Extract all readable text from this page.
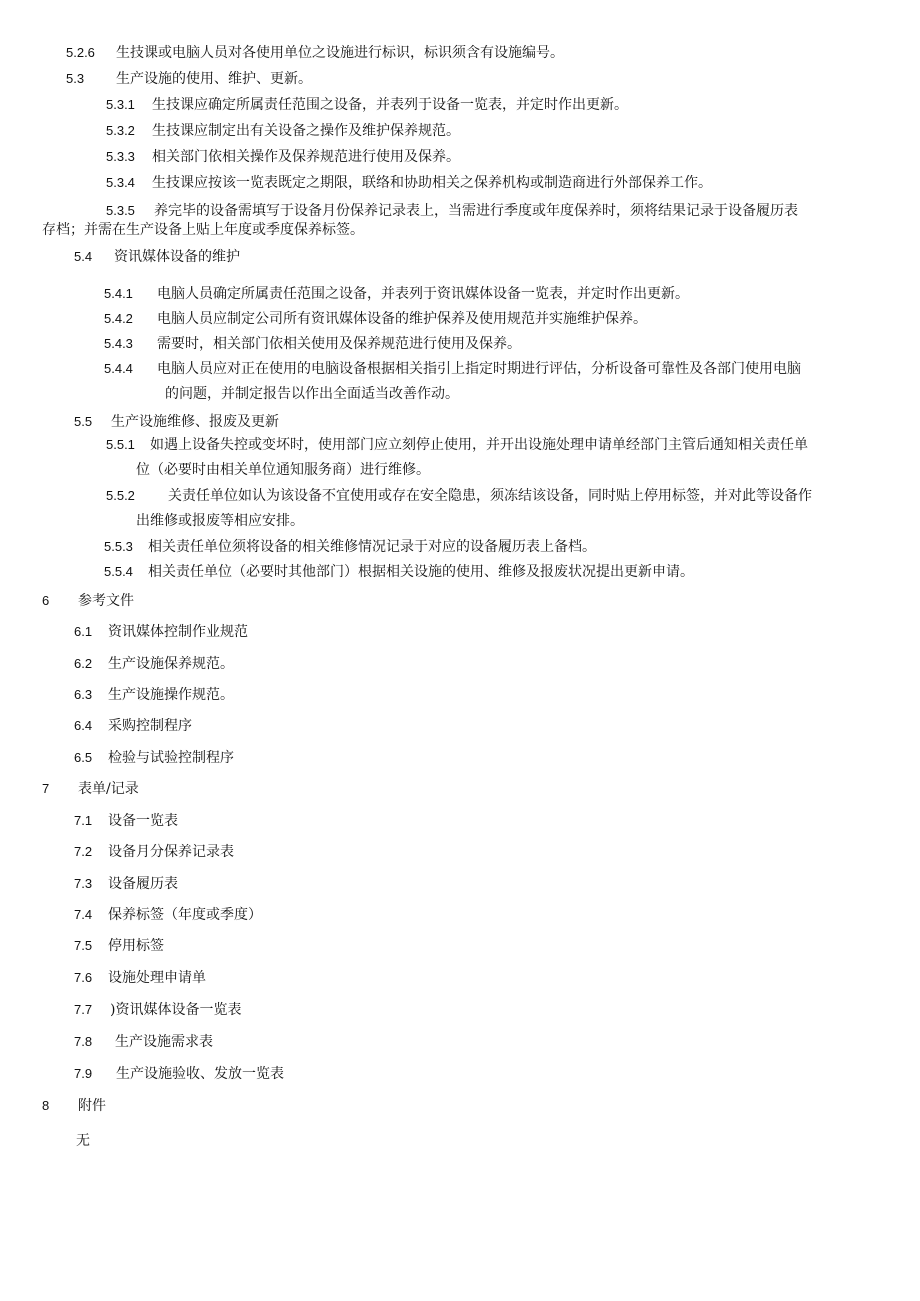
5.2.6 生技课或电脑人员对各使用单位之设施进行标识，标识须含有设施编号。
5.3 生产设施的使用、维护、更新。
5.3.1 生技课应确定所属责任范围之设备，并表列于设备一览表，并定时作出更新。
5.3.2 生技课应制定出有关设备之操作及维护保养规范。
5.3.3 相关部门依相关操作及保养规范进行使用及保养。
5.3.4 生技课应按该一览表既定之期限，联络和协助相关之保养机构或制造商进行外部保养工作。
5.3.5 养完毕的设备需填写于设备月份保养记录表上，当需进行季度或年度保养时，须将结果记录于设备履历表
存档；并需在生产设备上贴上年度或季度保养标签。
5.4 资讯媒体设备的维护
5.4.1 电脑人员确定所属责任范围之设备，并表列于资讯媒体设备一览表，并定时作出更新。
5.4.2 电脑人员应制定公司所有资讯媒体设备的维护保养及使用规范并实施维护保养。
5.4.3 需要时，相关部门依相关使用及保养规范进行使用及保养。
5.4.4 电脑人员应对正在使用的电脑设备根据相关指引上指定时期进行评估，分析设备可靠性及各部门使用电脑
的问题，并制定报告以作出全面适当改善作动。
5.5 生产设施维修、报废及更新
5.5.1 如遇上设备失控或变坏时，使用部门应立刻停止使用，并开出设施处理申请单经部门主管后通知相关责任单
位（必要时由相关单位通知服务商）进行维修。
5.5.2 关责任单位如认为该设备不宜使用或存在安全隐患，须冻结该设备，同时贴上停用标签，并对此等设备作
出维修或报废等相应安排。
5.5.3 相关责任单位须将设备的相关维修情况记录于对应的设备履历表上备档。
5.5.4 相关责任单位（必要时其他部门）根据相关设施的使用、维修及报废状况提出更新申请。
6 参考文件
6.1 资讯媒体控制作业规范
6.2 生产设施保养规范。
6.3 生产设施操作规范。
6.4 采购控制程序
6.5 检验与试验控制程序
7 表单/记录
7.1 设备一览表
7.2 设备月分保养记录表
7.3 设备履历表
7.4 保养标签（年度或季度）
7.5 停用标签
7.6 设施处理申请单
7.7 )资讯媒体设备一览表
7.8 生产设施需求表
7.9 生产设施验收、发放一览表
8 附件
无
